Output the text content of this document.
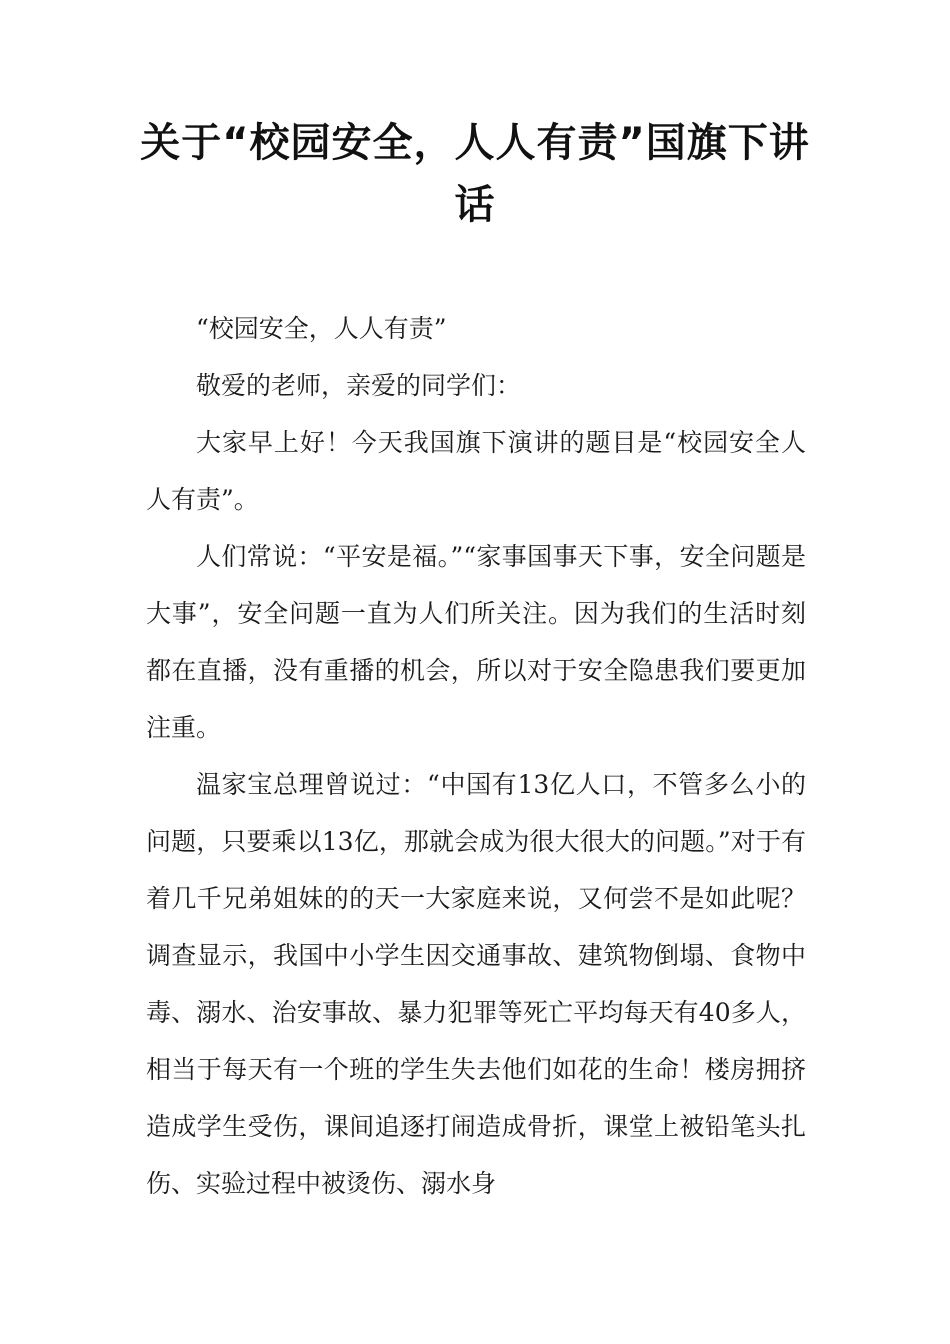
关于“校园安全，人人有责”国旗下讲话

“校园安全，人人有责”

敬爱的老师，亲爱的同学们：

大家早上好！今天我国旗下演讲的题目是“校园安全人人有责”。

人们常说：“平安是福。”“家事国事天下事，安全问题是大事”，安全问题一直为人们所关注。因为我们的生活时刻都在直播，没有重播的机会，所以对于安全隐患我们要更加注重。

温家宝总理曾说过：“中国有13亿人口，不管多么小的问题，只要乘以13亿，那就会成为很大很大的问题。”对于有着几千兄弟姐妹的的天一大家庭来说，又何尝不是如此呢？ 调查显示，我国中小学生因交通事故、建筑物倒塌、食物中毒、溺水、治安事故、暴力犯罪等死亡平均每天有40多人，相当于每天有一个班的学生失去他们如花的生命！楼房拥挤造成学生受伤，课间追逐打闹造成骨折，课堂上被铅笔头扎伤、实验过程中被烫伤、溺水身
